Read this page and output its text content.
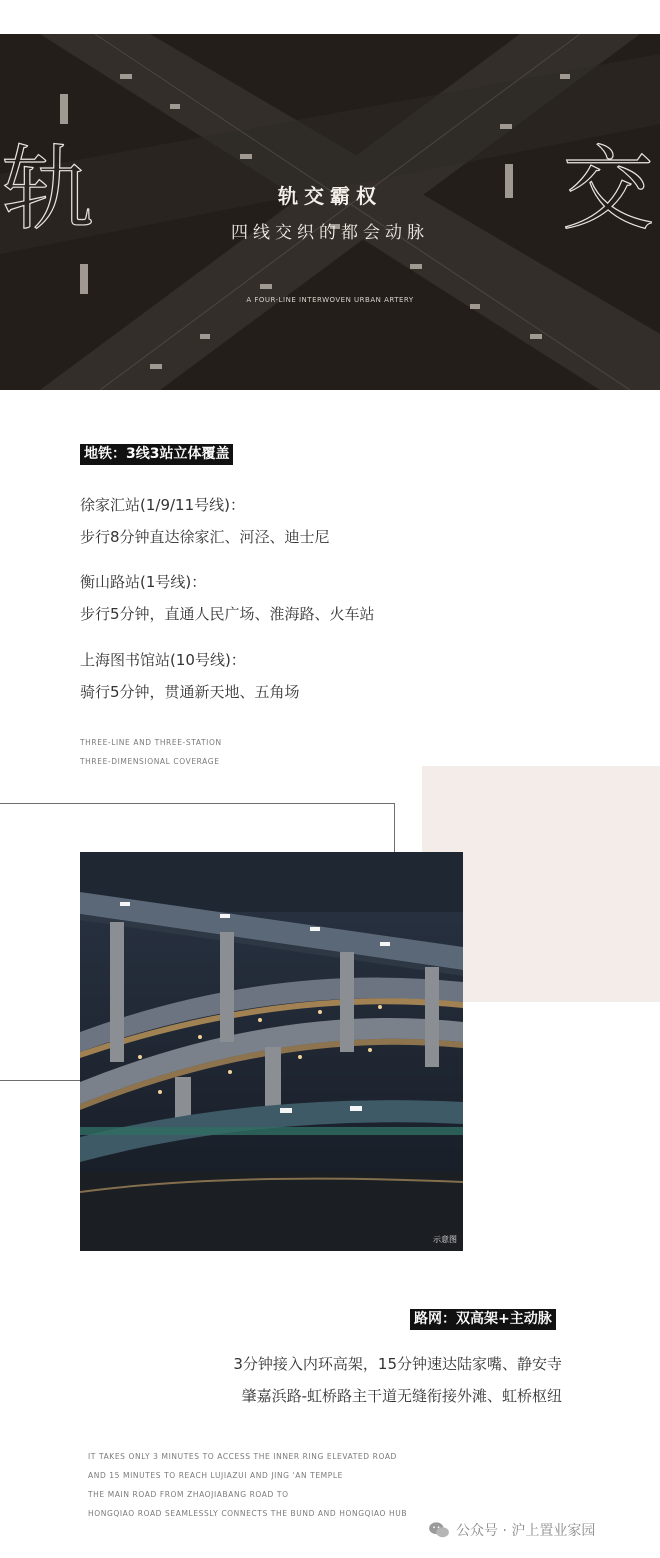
轨	交
轨交霸权
四线交织的都会动脉
A FOUR-LINE INTERWOVEN URBAN ARTERY
地铁：3线3站立体覆盖
徐家汇站(1/9/11号线)：
步行8分钟直达徐家汇、河泾、迪士尼
衡山路站(1号线)：
步行5分钟，直通人民广场、淮海路、火车站
上海图书馆站(10号线)：
骑行5分钟，贯通新天地、五角场
THREE-LINE AND THREE-STATION
THREE-DIMENSIONAL COVERAGE
示意图
路网：双高架+主动脉
3分钟接入内环高架，15分钟速达陆家嘴、静安寺
肇嘉浜路-虹桥路主干道无缝衔接外滩、虹桥枢纽
IT TAKES ONLY 3 MINUTES TO ACCESS THE INNER RING ELEVATED ROAD
AND 15 MINUTES TO REACH LUJIAZUI AND JING 'AN TEMPLE
THE MAIN ROAD FROM ZHAOJIABANG ROAD TO
HONGQIAO ROAD SEAMLESSLY CONNECTS THE BUND AND HONGQIAO HUB
公众号 · 沪上置业家园
